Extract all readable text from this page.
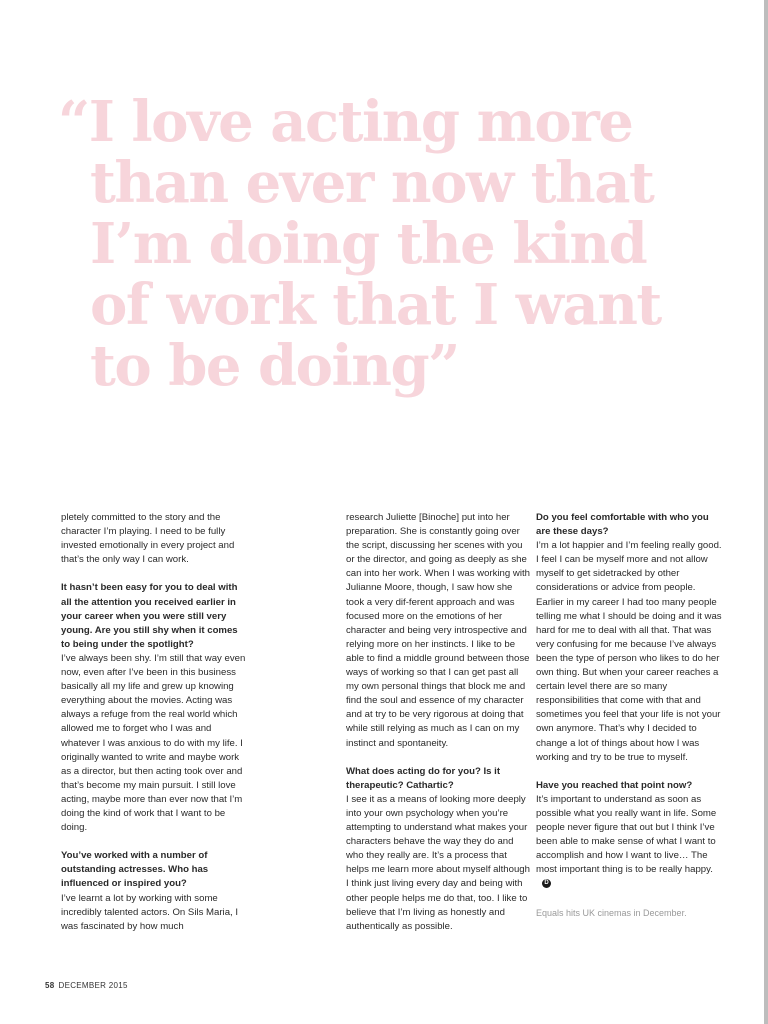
“I love acting more
than ever now that
I’m doing the kind
of work that I want
to be doing”

pletely committed to the story and the character I’m playing. I need to be fully invested emotionally in every project and that’s the only way I can work.

It hasn’t been easy for you to deal with all the attention you received earlier in your career when you were still very young. Are you still shy when it comes to being under the spotlight?

I’ve always been shy. I’m still that way even now, even after I’ve been in this business basically all my life and grew up knowing everything about the movies. Acting was always a refuge from the real world which allowed me to forget who I was and whatever I was anxious to do with my life. I originally wanted to write and maybe work as a director, but then acting took over and that’s become my main pursuit. I still love acting, maybe more than ever now that I’m doing the kind of work that I want to be doing.

You’ve worked with a number of outstanding actresses. Who has influenced or inspired you?

I’ve learnt a lot by working with some incredibly talented actors. On Sils Maria, I was fascinated by how much

research Juliette [Binoche] put into her preparation. She is constantly going over the script, discussing her scenes with you or the director, and going as deeply as she can into her work. When I was working with Julianne Moore, though, I saw how she took a very dif-ferent approach and was focused more on the emotions of her character and being very introspective and relying more on her instincts. I like to be able to find a middle ground between those ways of working so that I can get past all my own personal things that block me and find the soul and essence of my character and at try to be very rigorous at doing that while still relying as much as I can on my instinct and spontaneity.

What does acting do for you? Is it therapeutic? Cathartic?

I see it as a means of looking more deeply into your own psychology when you’re attempting to understand what makes your characters behave the way they do and who they really are. It’s a process that helps me learn more about myself although I think just living every day and being with other people helps me do that, too. I like to believe that I’m living as honestly and authentically as possible.

Do you feel comfortable with who you are these days?

I’m a lot happier and I’m feeling really good. I feel I can be myself more and not allow myself to get sidetracked by other considerations or advice from people. Earlier in my career I had too many people telling me what I should be doing and it was hard for me to deal with all that. That was very confusing for me because I’ve always been the type of person who likes to do her own thing. But when your career reaches a certain level there are so many responsibilities that come with that and sometimes you feel that your life is not your own anymore. That’s why I decided to change a lot of things about how I was working and try to be true to myself.

Have you reached that point now?

It’s important to understand as soon as possible what you really want in life. Some people never figure that out but I think I’ve been able to make sense of what I want to accomplish and how I want to live… The most important thing is to be really happy.D

Equals hits UK cinemas in December.

58 DECEMBER 2015
